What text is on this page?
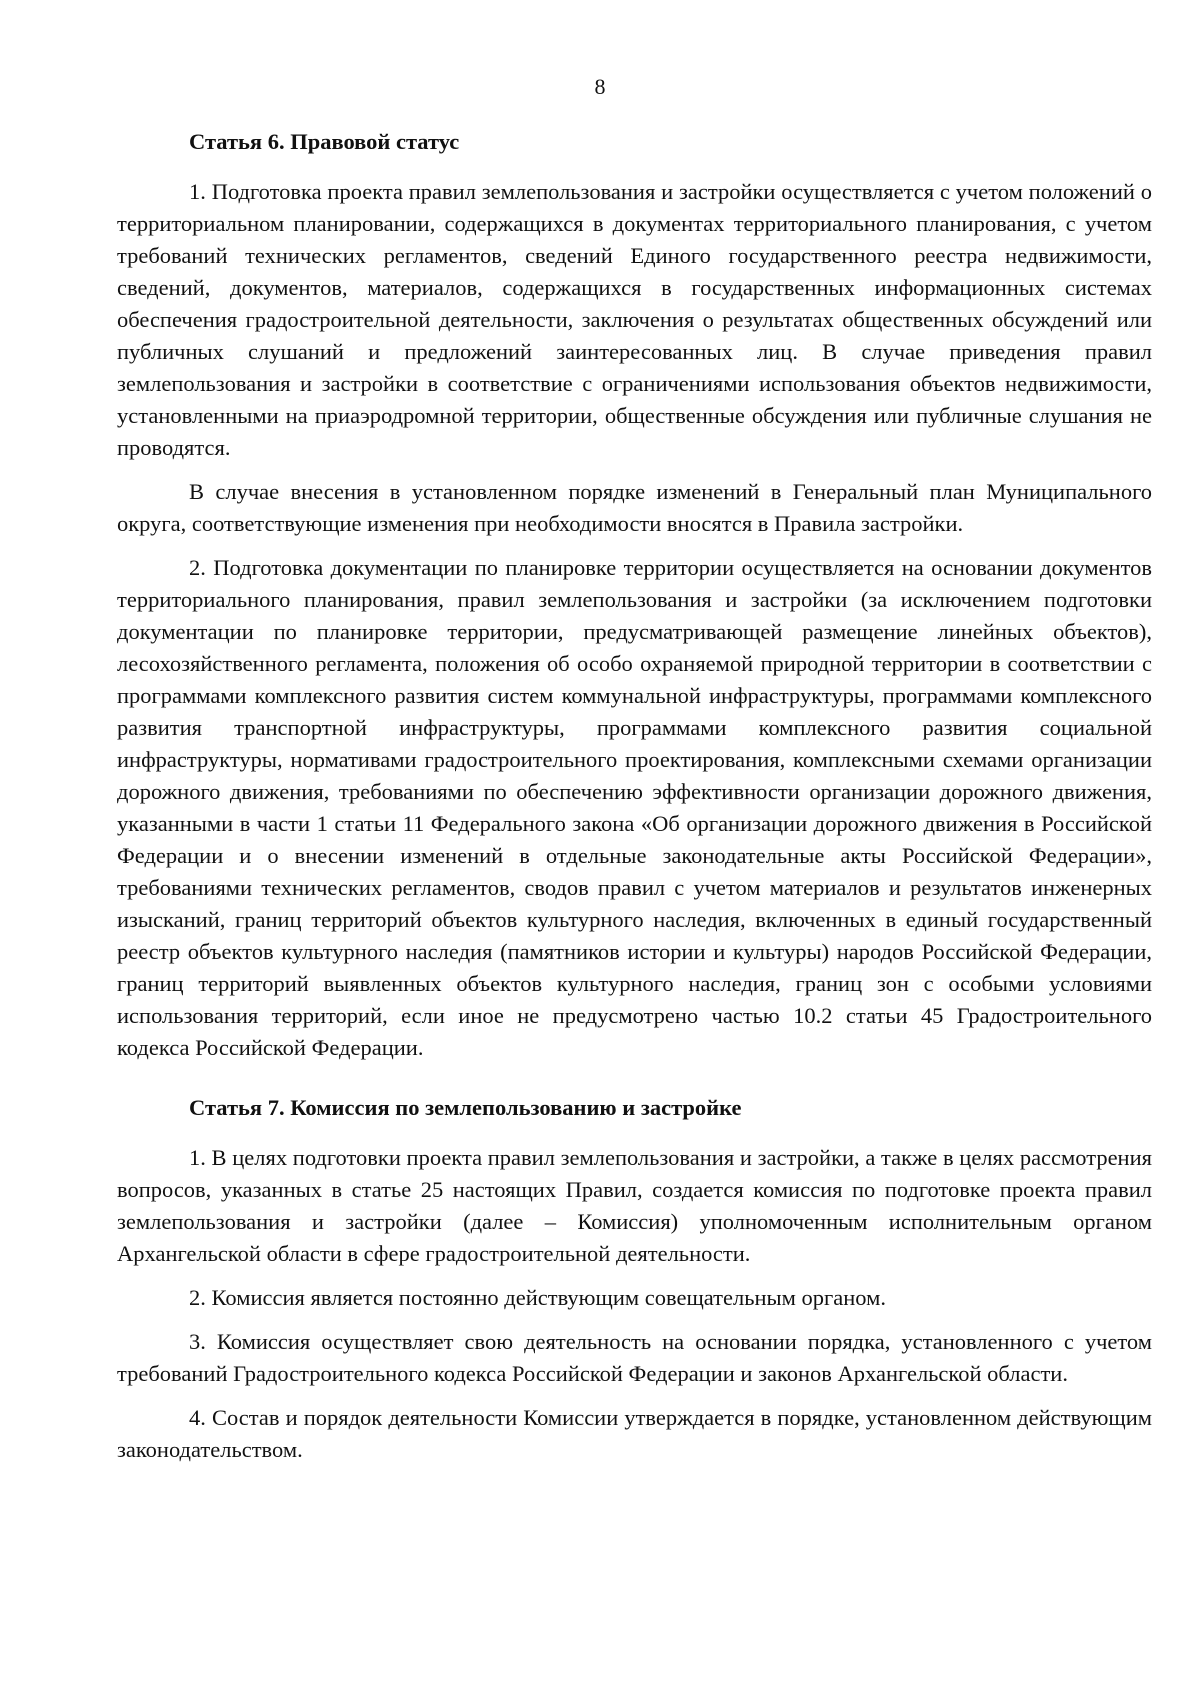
8
Статья 6. Правовой статус

1. Подготовка проекта правил землепользования и застройки осуществляется с учетом положений о территориальном планировании, содержащихся в документах территориального планирования, с учетом требований технических регламентов, сведений Единого государственного реестра недвижимости, сведений, документов, материалов, содержащихся в государственных информационных системах обеспечения градостроительной деятельности, заключения о результатах общественных обсуждений или публичных слушаний и предложений заинтересованных лиц. В случае приведения правил землепользования и застройки в соответствие с ограничениями использования объектов недвижимости, установленными на приаэродромной территории, общественные обсуждения или публичные слушания не проводятся.

В случае внесения в установленном порядке изменений в Генеральный план Муниципального округа, соответствующие изменения при необходимости вносятся в Правила застройки.

2. Подготовка документации по планировке территории осуществляется на основании документов территориального планирования, правил землепользования и застройки (за исключением подготовки документации по планировке территории, предусматривающей размещение линейных объектов), лесохозяйственного регламента, положения об особо охраняемой природной территории в соответствии с программами комплексного развития систем коммунальной инфраструктуры, программами комплексного развития транспортной инфраструктуры, программами комплексного развития социальной инфраструктуры, нормативами градостроительного проектирования, комплексными схемами организации дорожного движения, требованиями по обеспечению эффективности организации дорожного движения, указанными в части 1 статьи 11 Федерального закона «Об организации дорожного движения в Российской Федерации и о внесении изменений в отдельные законодательные акты Российской Федерации», требованиями технических регламентов, сводов правил с учетом материалов и результатов инженерных изысканий, границ территорий объектов культурного наследия, включенных в единый государственный реестр объектов культурного наследия (памятников истории и культуры) народов Российской Федерации, границ территорий выявленных объектов культурного наследия, границ зон с особыми условиями использования территорий, если иное не предусмотрено частью 10.2 статьи 45 Градостроительного кодекса Российской Федерации.

Статья 7. Комиссия по землепользованию и застройке

1. В целях подготовки проекта правил землепользования и застройки, а также в целях рассмотрения вопросов, указанных в статье 25 настоящих Правил, создается комиссия по подготовке проекта правил землепользования и застройки (далее – Комиссия) уполномоченным исполнительным органом Архангельской области в сфере градостроительной деятельности.

2. Комиссия является постоянно действующим совещательным органом.

3. Комиссия осуществляет свою деятельность на основании порядка, установленного с учетом требований Градостроительного кодекса Российской Федерации и законов Архангельской области.

4. Состав и порядок деятельности Комиссии утверждается в порядке, установленном действующим законодательством.
